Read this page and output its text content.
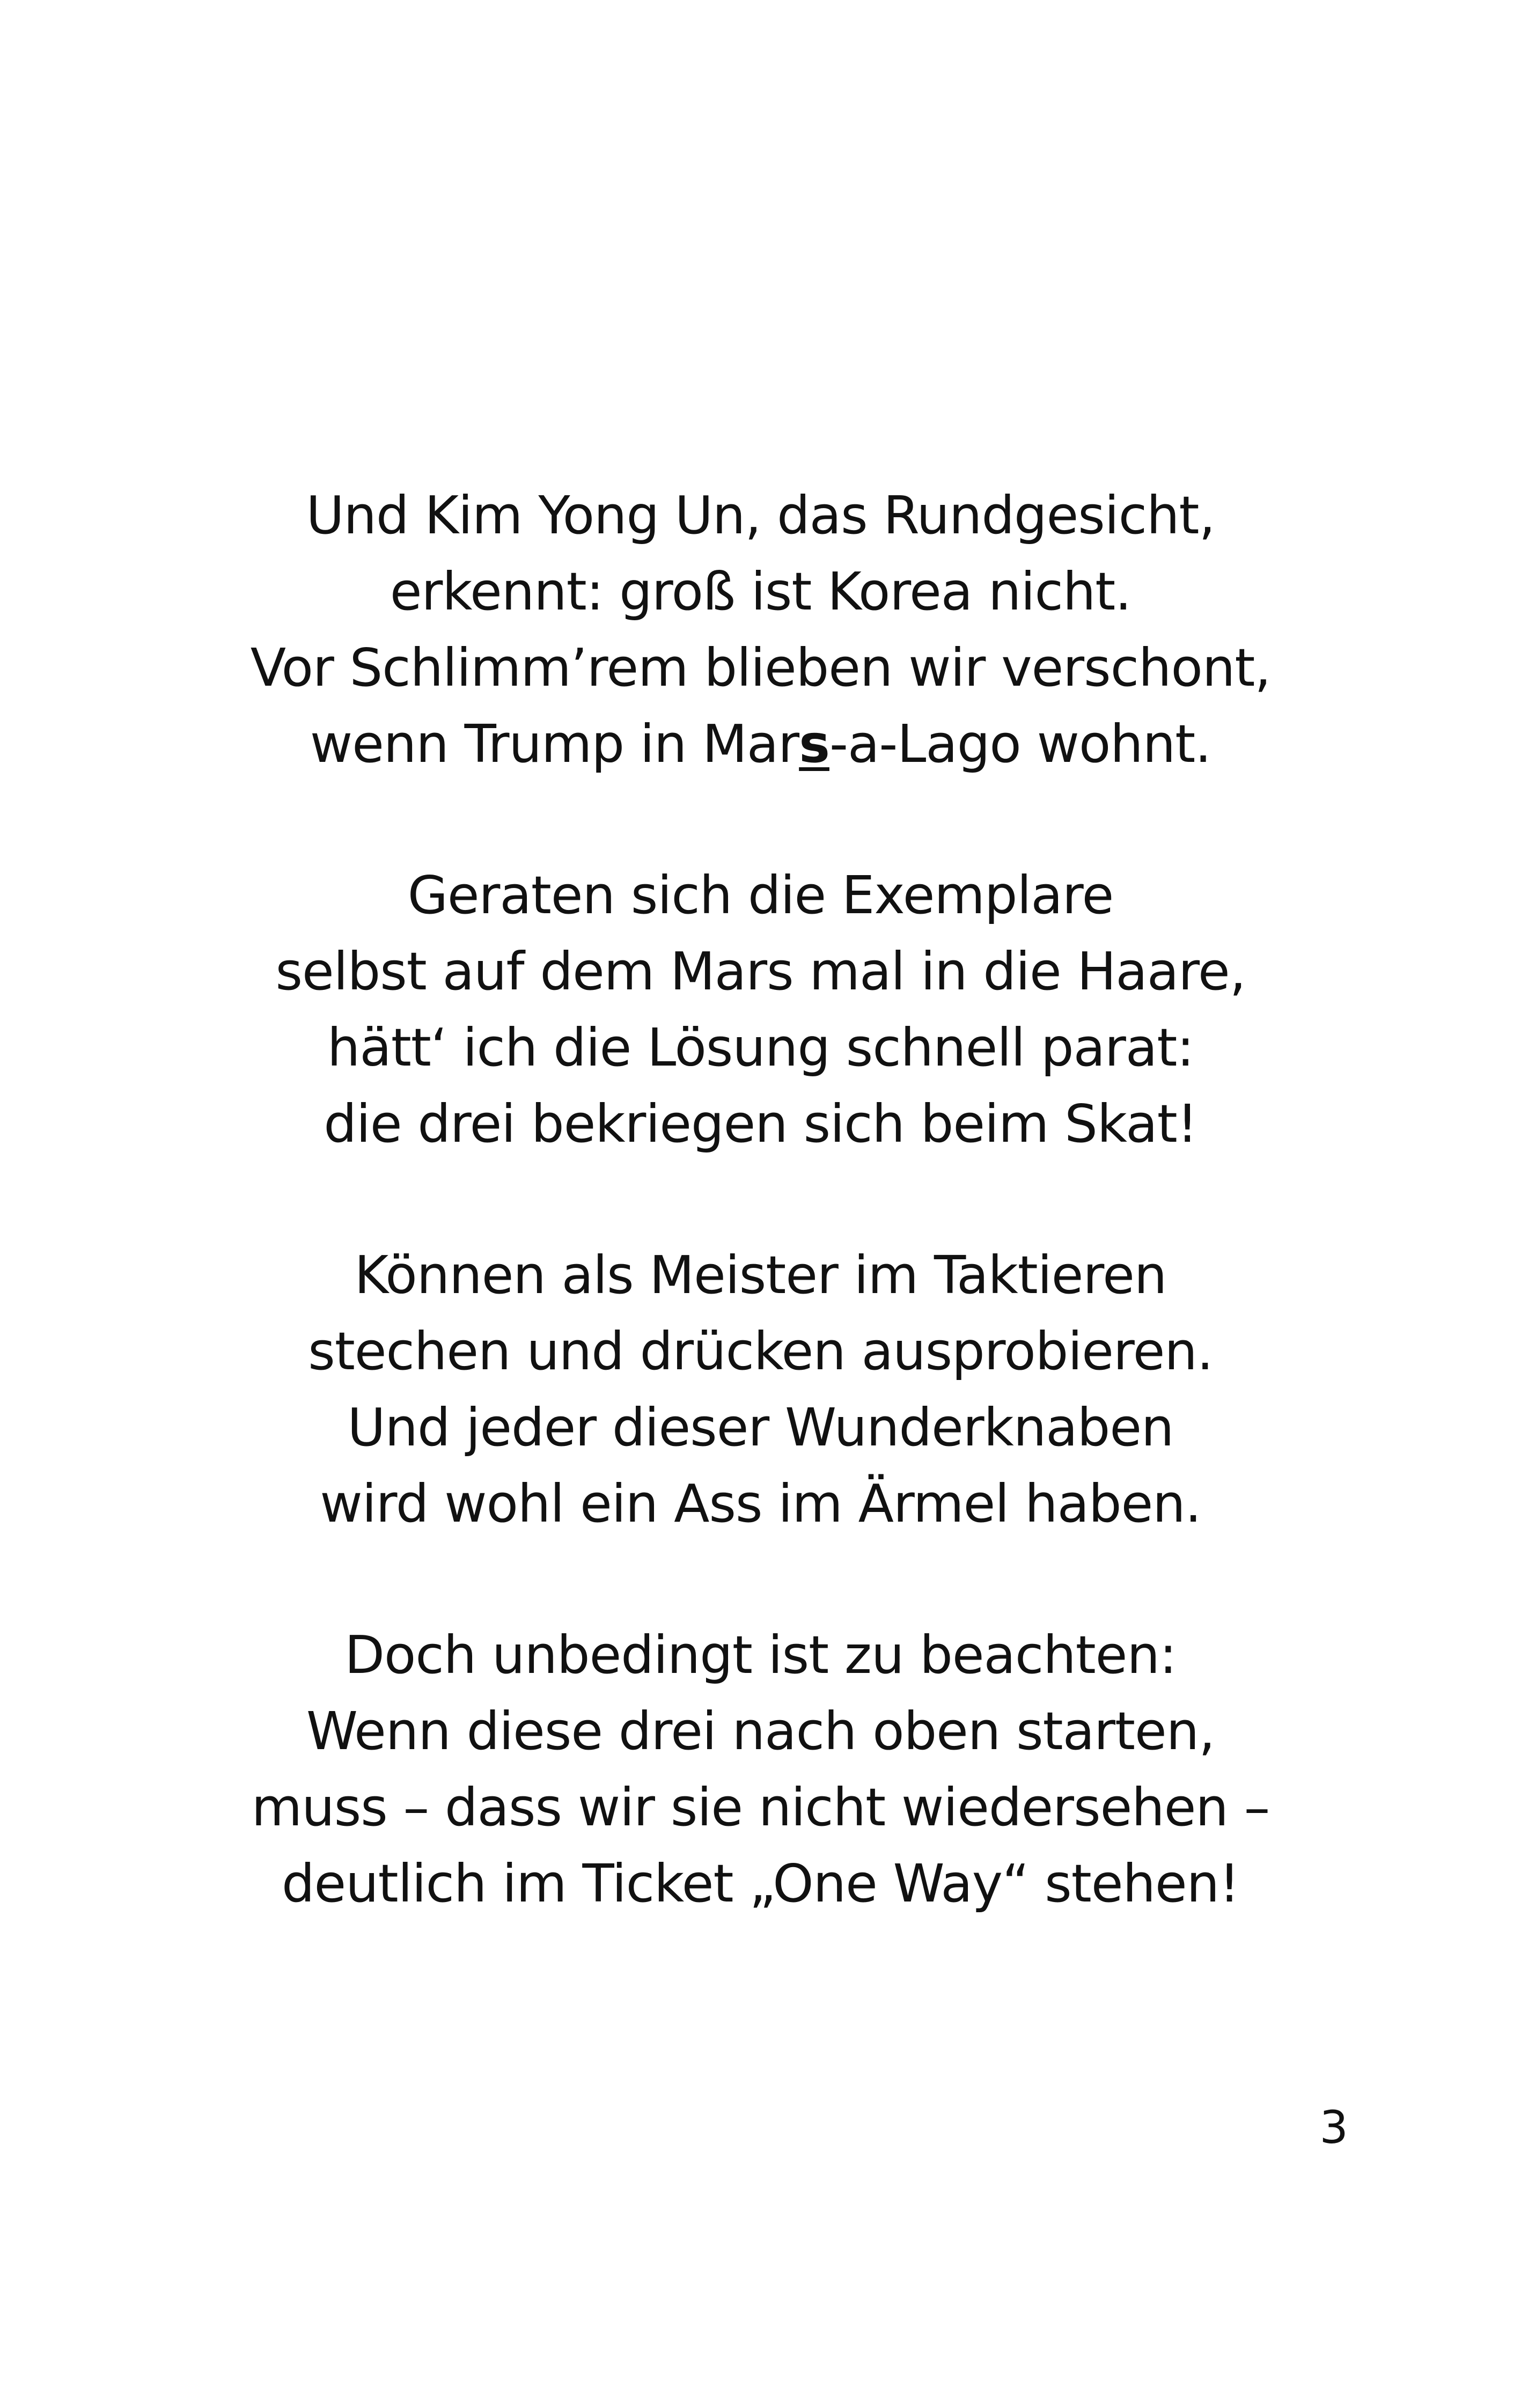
Und Kim Yong Un, das Rundgesicht,
erkennt: groß ist Korea nicht.
Vor Schlimm’rem blieben wir verschont,
wenn Trump in Mars-a-Lago wohnt.
Geraten sich die Exemplare
selbst auf dem Mars mal in die Haare,
hätt‘ ich die Lösung schnell parat:
die drei bekriegen sich beim Skat!
Können als Meister im Taktieren
stechen und drücken ausprobieren.
Und jeder dieser Wunderknaben
wird wohl ein Ass im Ärmel haben.
Doch unbedingt ist zu beachten:
Wenn diese drei nach oben starten,
muss – dass wir sie nicht wiedersehen –
deutlich im Ticket „One Way“ stehen!
3
